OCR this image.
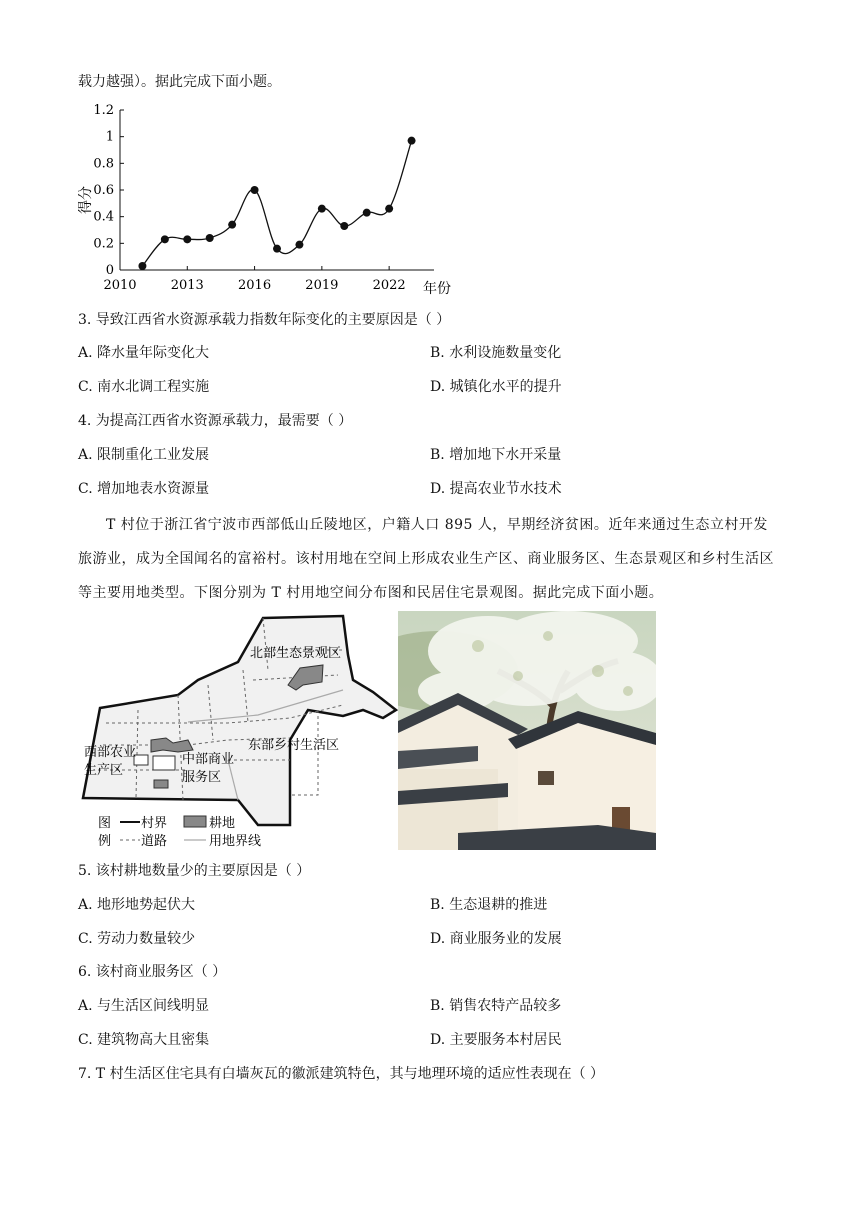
载力越强）。据此完成下面小题。
0
0.2
0.4
0.6
0.8
1
1.2
2010	2013	2016	2019	2022
得分
年份
3. 导致江西省水资源承载力指数年际变化的主要原因是（ ）
A. 降水量年际变化大	B. 水利设施数量变化
C. 南水北调工程实施	D. 城镇化水平的提升
4. 为提高江西省水资源承载力，最需要（ ）
A. 限制重化工业发展	B. 增加地下水开采量
C. 增加地表水资源量	D. 提高农业节水技术
T 村位于浙江省宁波市西部低山丘陵地区，户籍人口 895 人，早期经济贫困。近年来通过生态立村开发旅游业，成为全国闻名的富裕村。该村用地在空间上形成农业生产区、商业服务区、生态景观区和乡村生活区等主要用地类型。下图分别为 T 村用地空间分布图和民居住宅景观图。据此完成下面小题。
北部生态景观区
东部乡村生活区
西部农业
生产区
中部商业
服务区
图
例
村界
道路
耕地
用地界线
5. 该村耕地数量少的主要原因是（ ）
A. 地形地势起伏大	B. 生态退耕的推进
C. 劳动力数量较少	D. 商业服务业的发展
6. 该村商业服务区（ ）
A. 与生活区间线明显	B. 销售农特产品较多
C. 建筑物高大且密集	D. 主要服务本村居民
7. T 村生活区住宅具有白墙灰瓦的徽派建筑特色，其与地理环境的适应性表现在（ ）
